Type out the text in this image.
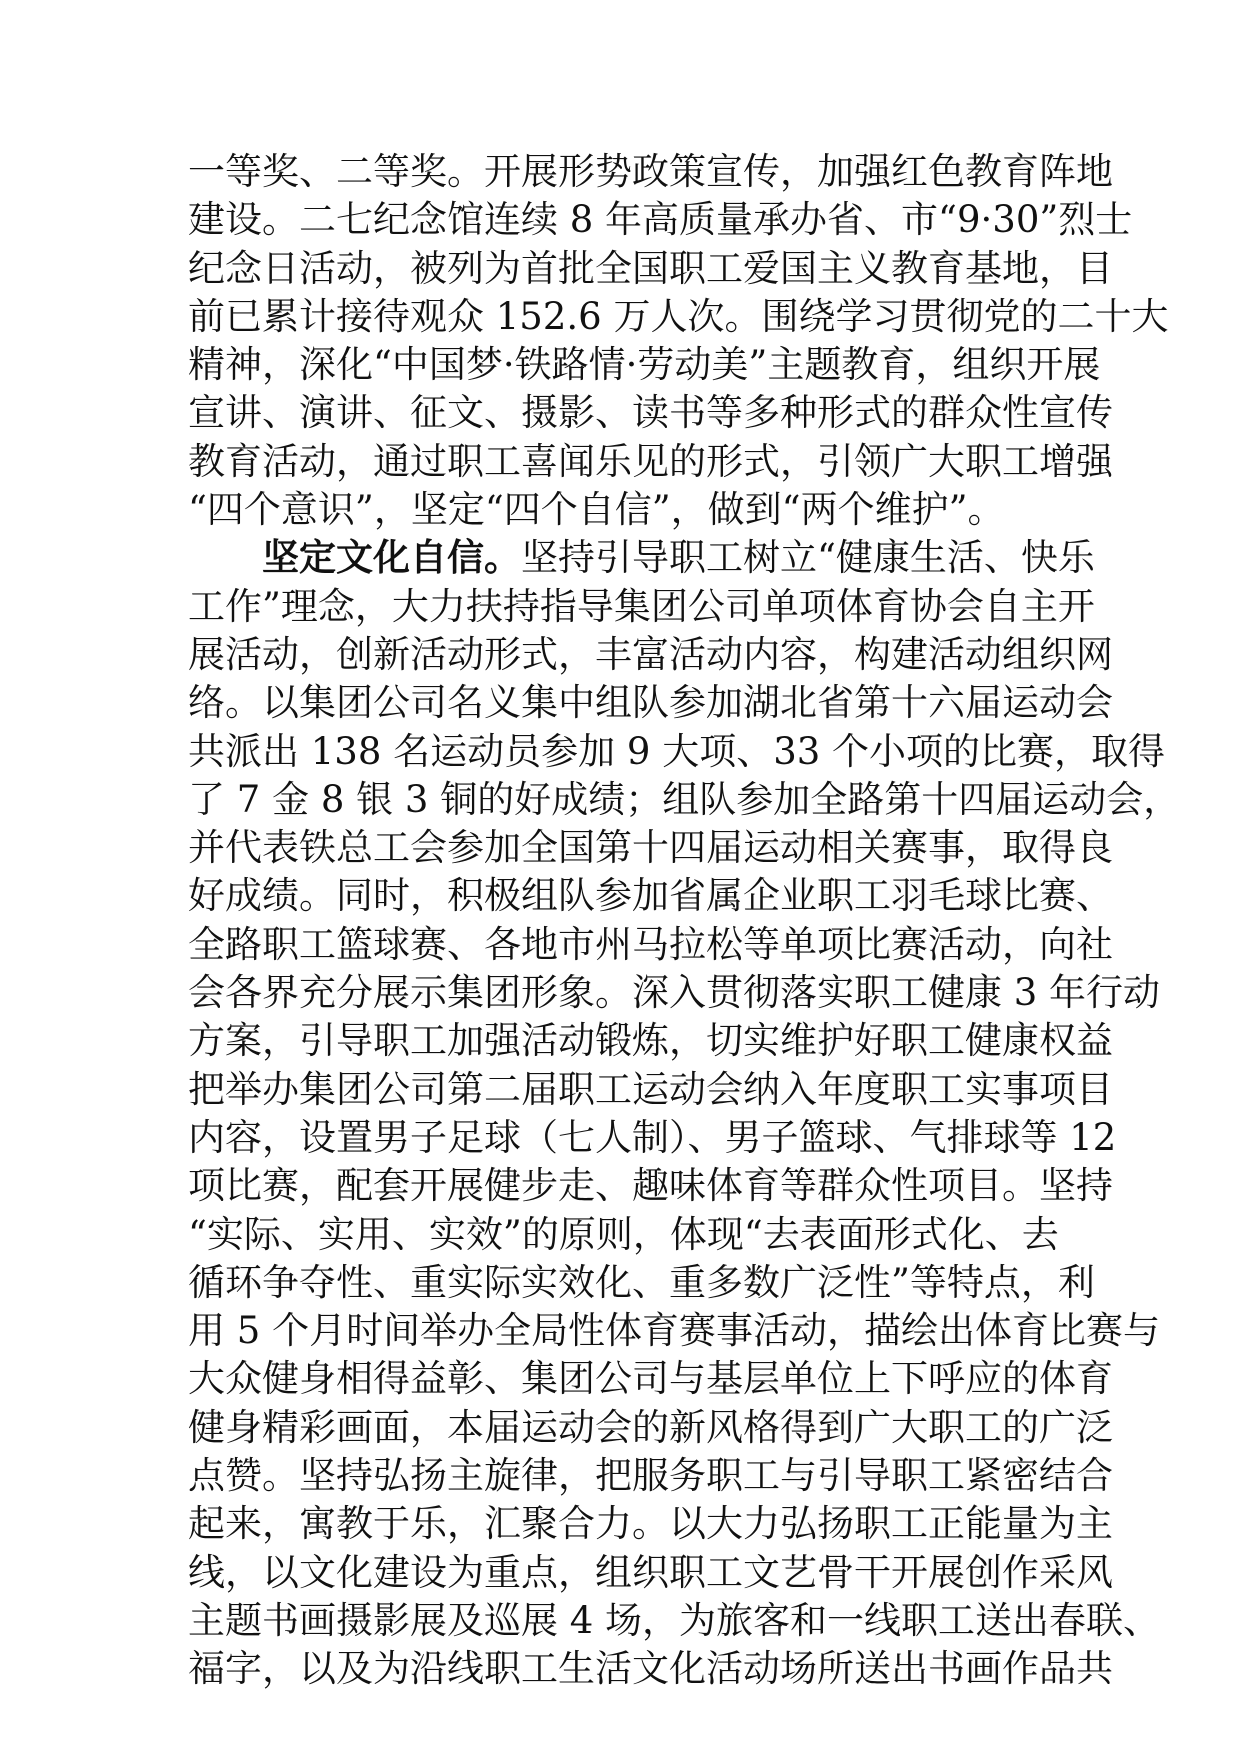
一等奖、二等奖。开展形势政策宣传，加强红色教育阵地
建设。二七纪念馆连续 8 年高质量承办省、市“9·30”烈士
纪念日活动，被列为首批全国职工爱国主义教育基地，目
前已累计接待观众 152.6 万人次。围绕学习贯彻党的二十大
精神，深化“中国梦·铁路情·劳动美”主题教育，组织开展
宣讲、演讲、征文、摄影、读书等多种形式的群众性宣传
教育活动，通过职工喜闻乐见的形式，引领广大职工增强
“四个意识”，坚定“四个自信”，做到“两个维护”。
坚定文化自信。坚持引导职工树立“健康生活、快乐
工作”理念，大力扶持指导集团公司单项体育协会自主开
展活动，创新活动形式，丰富活动内容，构建活动组织网
络。以集团公司名义集中组队参加湖北省第十六届运动会
共派出 138 名运动员参加 9 大项、33 个小项的比赛，取得
了 7 金 8 银 3 铜的好成绩；组队参加全路第十四届运动会，
并代表铁总工会参加全国第十四届运动相关赛事，取得良
好成绩。同时，积极组队参加省属企业职工羽毛球比赛、
全路职工篮球赛、各地市州马拉松等单项比赛活动，向社
会各界充分展示集团形象。深入贯彻落实职工健康 3 年行动
方案，引导职工加强活动锻炼，切实维护好职工健康权益
把举办集团公司第二届职工运动会纳入年度职工实事项目
内容，设置男子足球（七人制）、男子篮球、气排球等 12
项比赛，配套开展健步走、趣味体育等群众性项目。坚持
“实际、实用、实效”的原则，体现“去表面形式化、去
循环争夺性、重实际实效化、重多数广泛性”等特点，利
用 5 个月时间举办全局性体育赛事活动，描绘出体育比赛与
大众健身相得益彰、集团公司与基层单位上下呼应的体育
健身精彩画面，本届运动会的新风格得到广大职工的广泛
点赞。坚持弘扬主旋律，把服务职工与引导职工紧密结合
起来，寓教于乐，汇聚合力。以大力弘扬职工正能量为主
线，以文化建设为重点，组织职工文艺骨干开展创作采风
主题书画摄影展及巡展 4 场，为旅客和一线职工送出春联、
福字，以及为沿线职工生活文化活动场所送出书画作品共
